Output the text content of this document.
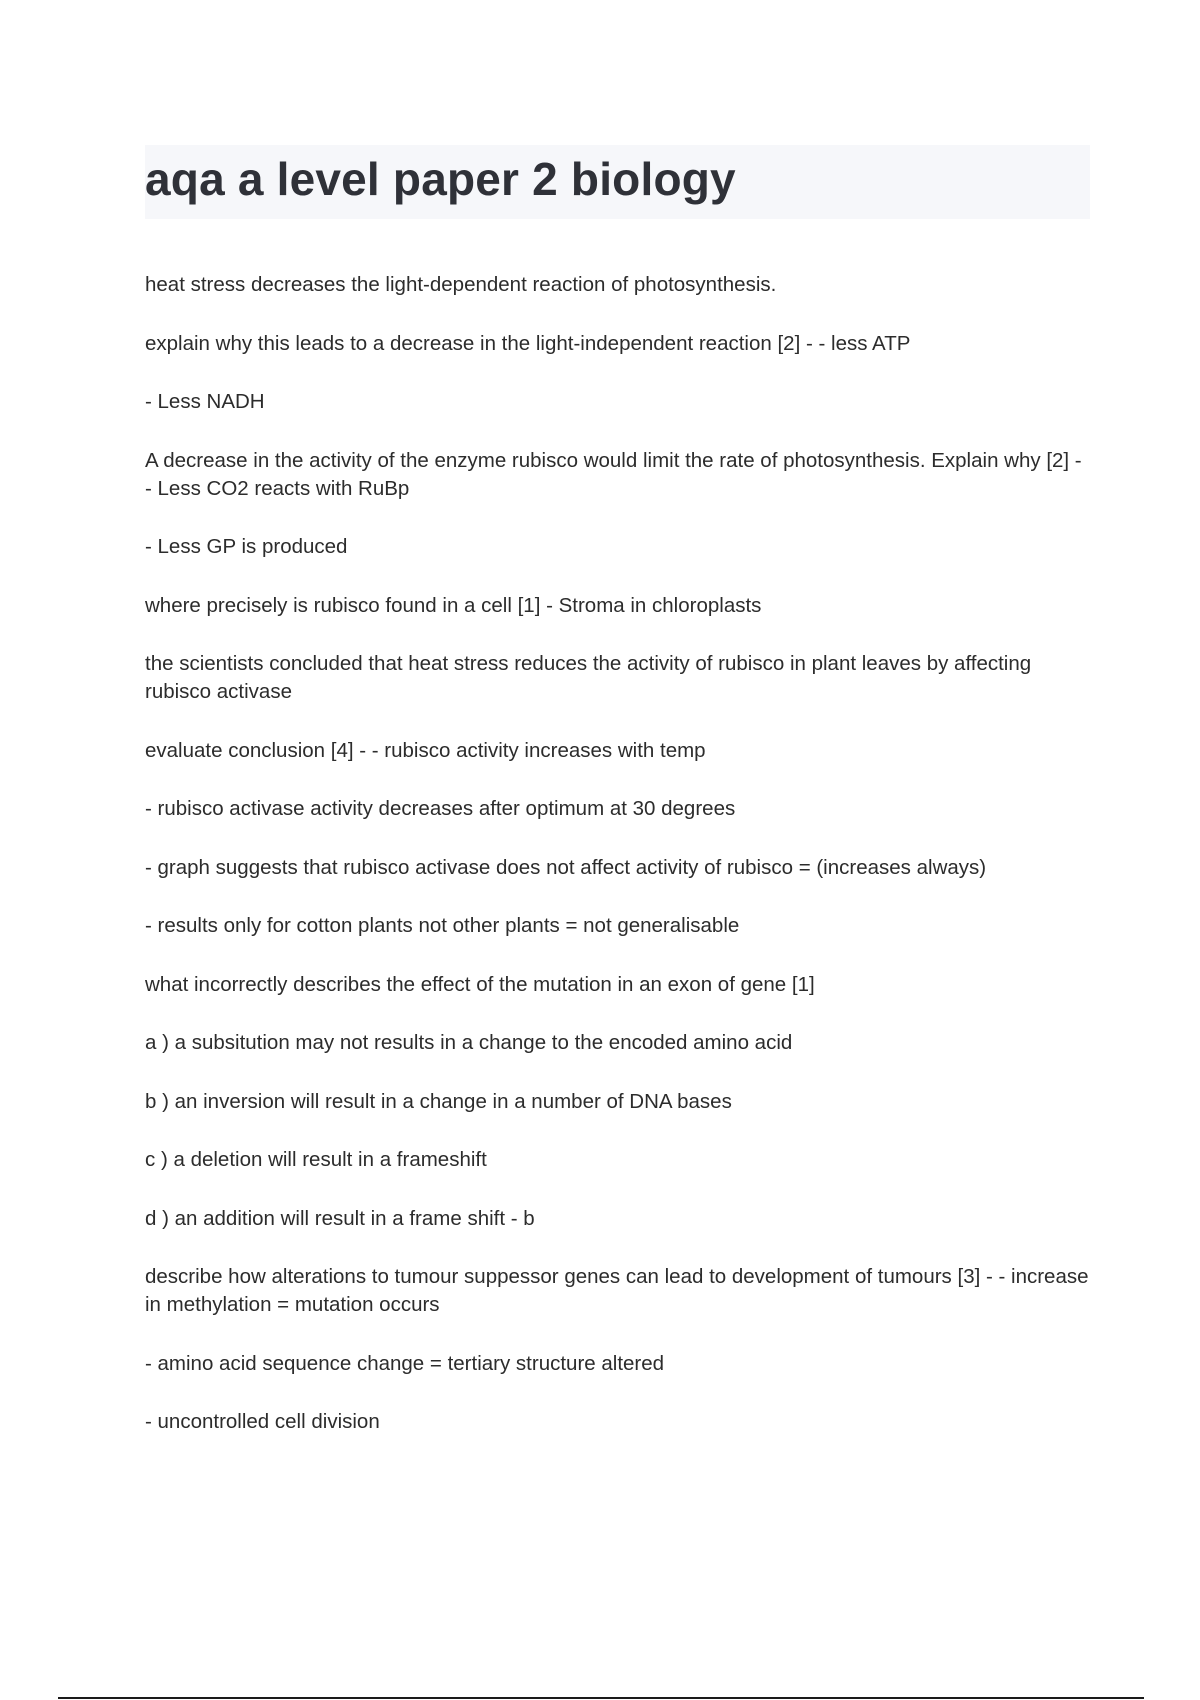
aqa a level paper 2 biology

heat stress decreases the light-dependent reaction of photosynthesis.

explain why this leads to a decrease in the light-independent reaction [2] - - less ATP

- Less NADH

A decrease in the activity of the enzyme rubisco would limit the rate of photosynthesis. Explain why [2] - - Less CO2 reacts with RuBp

- Less GP is produced

where precisely is rubisco found in a cell [1] - Stroma in chloroplasts

the scientists concluded that heat stress reduces the activity of rubisco in plant leaves by affecting rubisco activase

evaluate conclusion [4] - - rubisco activity increases with temp

- rubisco activase activity decreases after optimum at 30 degrees

- graph suggests that rubisco activase does not affect activity of rubisco = (increases always)

- results only for cotton plants not other plants = not generalisable

what incorrectly describes the effect of the mutation in an exon of gene [1]

a ) a subsitution may not results in a change to the encoded amino acid

b ) an inversion will result in a change in a number of DNA bases

c ) a deletion will result in a frameshift

d ) an addition will result in a frame shift - b

describe how alterations to tumour suppessor genes can lead to development of tumours [3] - - increase in methylation = mutation occurs

- amino acid sequence change = tertiary structure altered

- uncontrolled cell division
